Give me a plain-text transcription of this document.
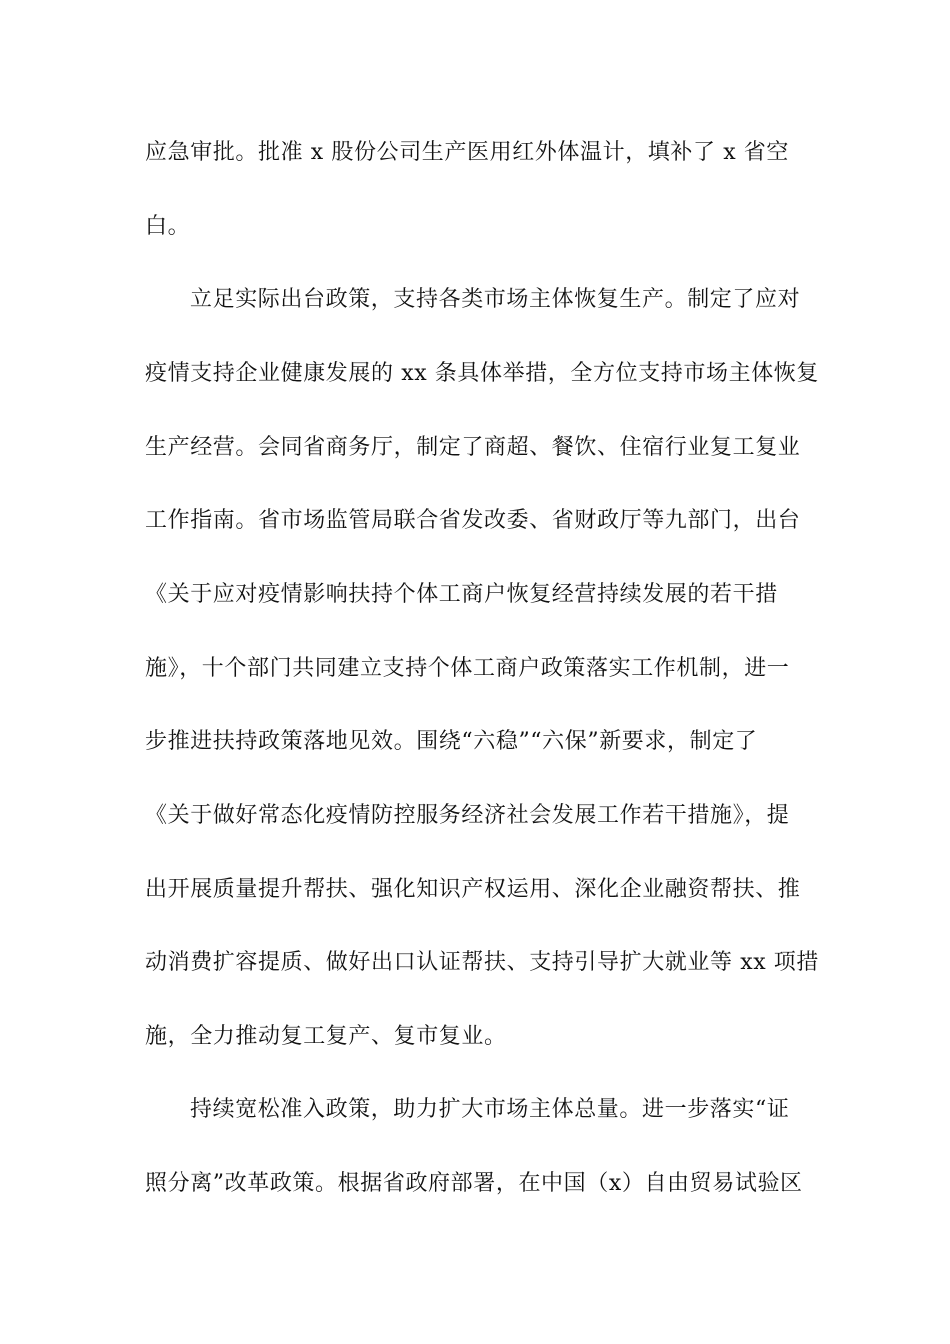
应急审批。批准 x 股份公司生产医用红外体温计，填补了 x 省空
白。
立足实际出台政策，支持各类市场主体恢复生产。制定了应对
疫情支持企业健康发展的 xx 条具体举措，全方位支持市场主体恢复
生产经营。会同省商务厅，制定了商超、餐饮、住宿行业复工复业
工作指南。省市场监管局联合省发改委、省财政厅等九部门，出台
《关于应对疫情影响扶持个体工商户恢复经营持续发展的若干措
施》，十个部门共同建立支持个体工商户政策落实工作机制，进一
步推进扶持政策落地见效。围绕“六稳”“六保”新要求，制定了
《关于做好常态化疫情防控服务经济社会发展工作若干措施》，提
出开展质量提升帮扶、强化知识产权运用、深化企业融资帮扶、推
动消费扩容提质、做好出口认证帮扶、支持引导扩大就业等 xx 项措
施，全力推动复工复产、复市复业。
持续宽松准入政策，助力扩大市场主体总量。进一步落实“证
照分离”改革政策。根据省政府部署，在中国（x）自由贸易试验区
